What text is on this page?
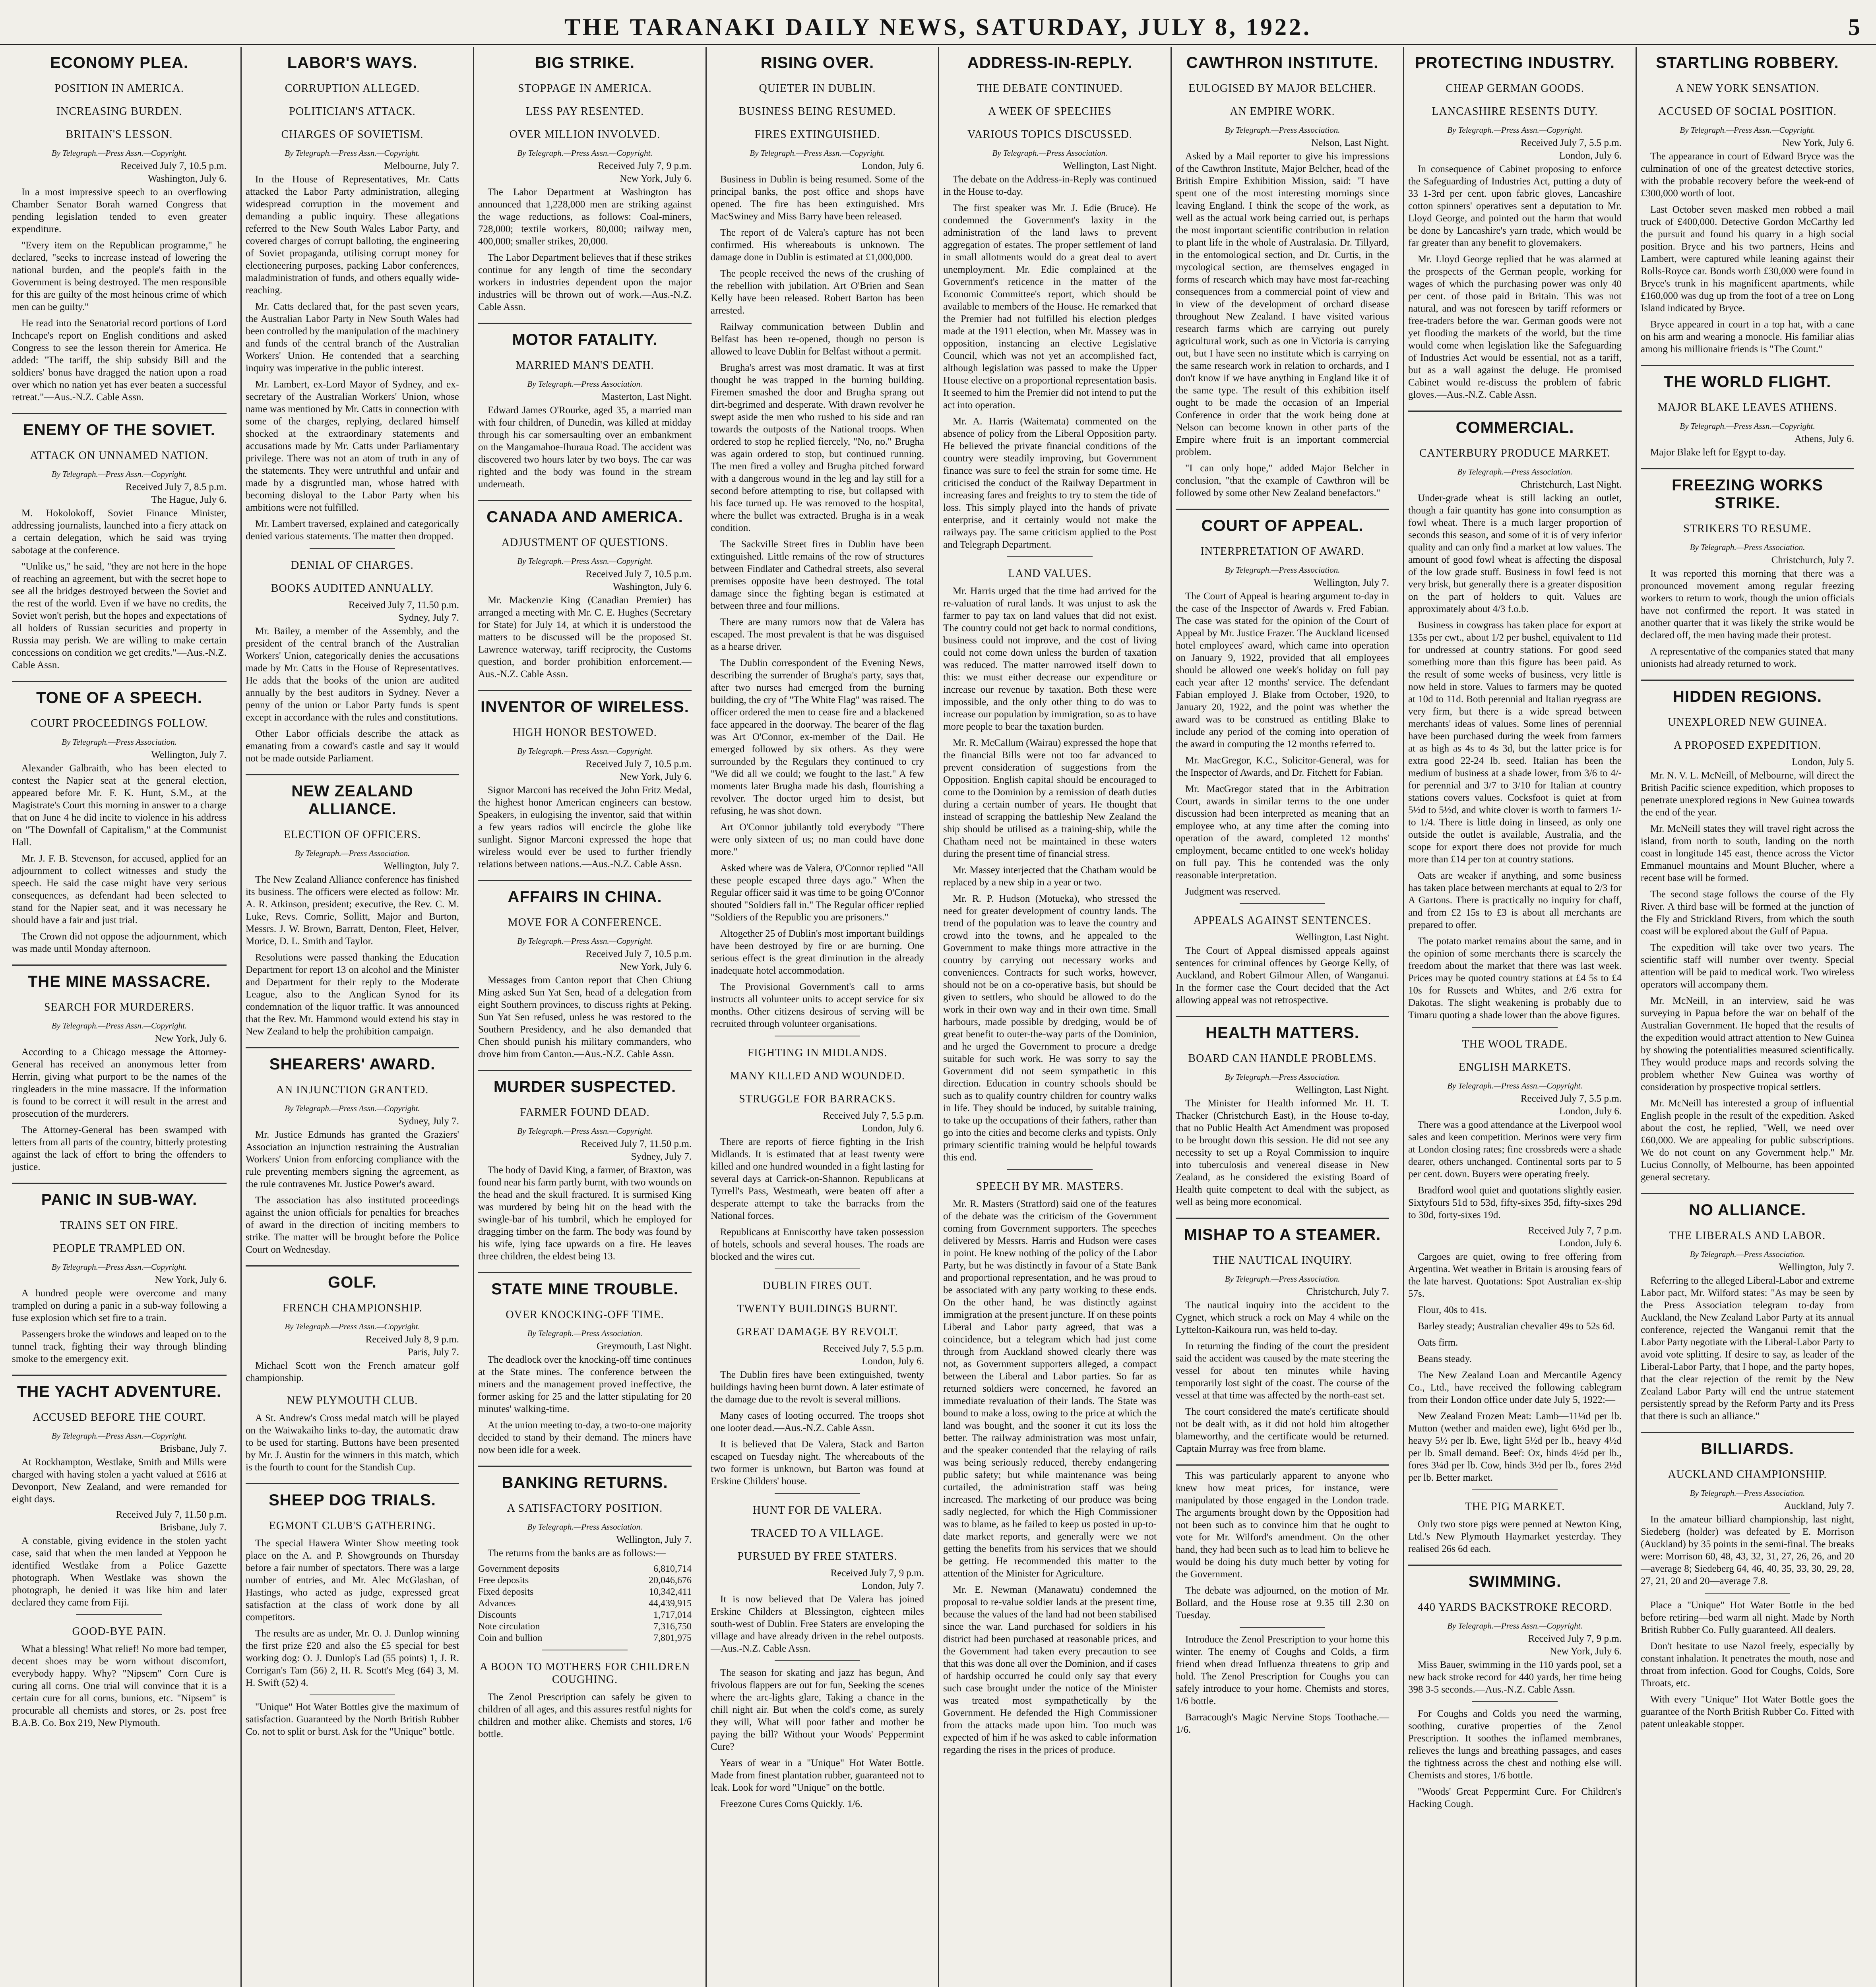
THE TARANAKI DAILY NEWS, SATURDAY, JULY 8, 1922.	5
ECONOMY PLEA.
POSITION IN AMERICA.
INCREASING BURDEN.
BRITAIN'S LESSON.
By Telegraph.—Press Assn.—Copyright.
Received July 7, 10.5 p.m.
Washington, July 6.
In a most impressive speech to an overflowing Chamber Senator Borah warned Congress that pending legislation tended to even greater expenditure.
"Every item on the Republican programme," he declared, "seeks to increase instead of lowering the national burden, and the people's faith in the Government is being destroyed. The men responsible for this are guilty of the most heinous crime of which men can be guilty."
He read into the Senatorial record portions of Lord Inchcape's report on English conditions and asked Congress to see the lesson therein for America. He added: "The tariff, the ship subsidy Bill and the soldiers' bonus have dragged the nation upon a road over which no nation yet has ever beaten a successful retreat."—Aus.-N.Z. Cable Assn.
ENEMY OF THE SOVIET.
ATTACK ON UNNAMED NATION.
By Telegraph.—Press Assn.—Copyright.
Received July 7, 8.5 p.m.
The Hague, July 6.
M. Hokolokoff, Soviet Finance Minister, addressing journalists, launched into a fiery attack on a certain delegation, which he said was trying sabotage at the conference.
"Unlike us," he said, "they are not here in the hope of reaching an agreement, but with the secret hope to see all the bridges destroyed between the Soviet and the rest of the world. Even if we have no credits, the Soviet won't perish, but the hopes and expectations of all holders of Russian securities and property in Russia may perish. We are willing to make certain concessions on condition we get credits."—Aus.-N.Z. Cable Assn.
TONE OF A SPEECH.
COURT PROCEEDINGS FOLLOW.
By Telegraph.—Press Association.
Wellington, July 7.
Alexander Galbraith, who has been elected to contest the Napier seat at the general election, appeared before Mr. F. K. Hunt, S.M., at the Magistrate's Court this morning in answer to a charge that on June 4 he did incite to violence in his address on "The Downfall of Capitalism," at the Communist Hall.
Mr. J. F. B. Stevenson, for accused, applied for an adjournment to collect witnesses and study the speech. He said the case might have very serious consequences, as defendant had been selected to stand for the Napier seat, and it was necessary he should have a fair and just trial.
The Crown did not oppose the adjournment, which was made until Monday afternoon.
THE MINE MASSACRE.
SEARCH FOR MURDERERS.
By Telegraph.—Press Assn.—Copyright.
New York, July 6.
According to a Chicago message the Attorney-General has received an anonymous letter from Herrin, giving what purport to be the names of the ringleaders in the mine massacre. If the information is found to be correct it will result in the arrest and prosecution of the murderers.
The Attorney-General has been swamped with letters from all parts of the country, bitterly protesting against the lack of effort to bring the offenders to justice.
PANIC IN SUB-WAY.
TRAINS SET ON FIRE.
PEOPLE TRAMPLED ON.
By Telegraph.—Press Assn.—Copyright.
New York, July 6.
A hundred people were overcome and many trampled on during a panic in a sub-way following a fuse explosion which set fire to a train.
Passengers broke the windows and leaped on to the tunnel track, fighting their way through blinding smoke to the emergency exit.
THE YACHT ADVENTURE.
ACCUSED BEFORE THE COURT.
By Telegraph.—Press Assn.—Copyright.
Brisbane, July 7.
At Rockhampton, Westlake, Smith and Mills were charged with having stolen a yacht valued at £616 at Devonport, New Zealand, and were remanded for eight days.
Received July 7, 11.50 p.m.
Brisbane, July 7.
A constable, giving evidence in the stolen yacht case, said that when the men landed at Yeppoon he identified Westlake from a Police Gazette photograph. When Westlake was shown the photograph, he denied it was like him and later declared they came from Fiji.
GOOD-BYE PAIN.
What a blessing! What relief! No more bad temper, decent shoes may be worn without discomfort, everybody happy. Why? "Nipsem" Corn Cure is curing all corns. One trial will convince that it is a certain cure for all corns, bunions, etc. "Nipsem" is procurable all chemists and stores, or 2s. post free B.A.B. Co. Box 219, New Plymouth.
LABOR'S WAYS.
CORRUPTION ALLEGED.
POLITICIAN'S ATTACK.
CHARGES OF SOVIETISM.
By Telegraph.—Press Assn.—Copyright.
Melbourne, July 7.
In the House of Representatives, Mr. Catts attacked the Labor Party administration, alleging widespread corruption in the movement and demanding a public inquiry. These allegations referred to the New South Wales Labor Party, and covered charges of corrupt balloting, the engineering of Soviet propaganda, utilising corrupt money for electioneering purposes, packing Labor conferences, maladministration of funds, and others equally wide-reaching.
Mr. Catts declared that, for the past seven years, the Australian Labor Party in New South Wales had been controlled by the manipulation of the machinery and funds of the central branch of the Australian Workers' Union. He contended that a searching inquiry was imperative in the public interest.
Mr. Lambert, ex-Lord Mayor of Sydney, and ex-secretary of the Australian Workers' Union, whose name was mentioned by Mr. Catts in connection with some of the charges, replying, declared himself shocked at the extraordinary statements and accusations made by Mr. Catts under Parliamentary privilege. There was not an atom of truth in any of the statements. They were untruthful and unfair and made by a disgruntled man, whose hatred with becoming disloyal to the Labor Party when his ambitions were not fulfilled.
Mr. Lambert traversed, explained and categorically denied various statements. The matter then dropped.
DENIAL OF CHARGES.
BOOKS AUDITED ANNUALLY.
Received July 7, 11.50 p.m.
Sydney, July 7.
Mr. Bailey, a member of the Assembly, and the president of the central branch of the Australian Workers' Union, categorically denies the accusations made by Mr. Catts in the House of Representatives. He adds that the books of the union are audited annually by the best auditors in Sydney. Never a penny of the union or Labor Party funds is spent except in accordance with the rules and constitutions.
Other Labor officials describe the attack as emanating from a coward's castle and say it would not be made outside Parliament.
NEW ZEALAND ALLIANCE.
ELECTION OF OFFICERS.
By Telegraph.—Press Association.
Wellington, July 7.
The New Zealand Alliance conference has finished its business. The officers were elected as follow: Mr. A. R. Atkinson, president; executive, the Rev. C. M. Luke, Revs. Comrie, Sollitt, Major and Burton, Messrs. J. W. Brown, Barratt, Denton, Fleet, Helver, Morice, D. L. Smith and Taylor.
Resolutions were passed thanking the Education Department for report 13 on alcohol and the Minister and Department for their reply to the Moderate League, also to the Anglican Synod for its condemnation of the liquor traffic. It was announced that the Rev. Mr. Hammond would extend his stay in New Zealand to help the prohibition campaign.
SHEARERS' AWARD.
AN INJUNCTION GRANTED.
By Telegraph.—Press Assn.—Copyright.
Sydney, July 7.
Mr. Justice Edmunds has granted the Graziers' Association an injunction restraining the Australian Workers' Union from enforcing compliance with the rule preventing members signing the agreement, as the rule contravenes Mr. Justice Power's award.
The association has also instituted proceedings against the union officials for penalties for breaches of award in the direction of inciting members to strike. The matter will be brought before the Police Court on Wednesday.
GOLF.
FRENCH CHAMPIONSHIP.
By Telegraph.—Press Assn.—Copyright.
Received July 8, 9 p.m.
Paris, July 7.
Michael Scott won the French amateur golf championship.
NEW PLYMOUTH CLUB.
A St. Andrew's Cross medal match will be played on the Waiwakaiho links to-day, the automatic draw to be used for starting. Buttons have been presented by Mr. J. Austin for the winners in this match, which is the fourth to count for the Standish Cup.
SHEEP DOG TRIALS.
EGMONT CLUB'S GATHERING.
The special Hawera Winter Show meeting took place on the A. and P. Showgrounds on Thursday before a fair number of spectators. There was a large number of entries, and Mr. Alec McGlashan, of Hastings, who acted as judge, expressed great satisfaction at the class of work done by all competitors.
The results are as under, Mr. O. J. Dunlop winning the first prize £20 and also the £5 special for best working dog: O. J. Dunlop's Lad (55 points) 1, J. R. Corrigan's Tam (56) 2, H. R. Scott's Meg (64) 3, M. H. Swift (52) 4.
"Unique" Hot Water Bottles give the maximum of satisfaction. Guaranteed by the North British Rubber Co. not to split or burst. Ask for the "Unique" bottle.
BIG STRIKE.
STOPPAGE IN AMERICA.
LESS PAY RESENTED.
OVER MILLION INVOLVED.
By Telegraph.—Press Assn.—Copyright.
Received July 7, 9 p.m.
New York, July 6.
The Labor Department at Washington has announced that 1,228,000 men are striking against the wage reductions, as follows: Coal-miners, 728,000; textile workers, 80,000; railway men, 400,000; smaller strikes, 20,000.
The Labor Department believes that if these strikes continue for any length of time the secondary workers in industries dependent upon the major industries will be thrown out of work.—Aus.-N.Z. Cable Assn.
MOTOR FATALITY.
MARRIED MAN'S DEATH.
By Telegraph.—Press Association.
Masterton, Last Night.
Edward James O'Rourke, aged 35, a married man with four children, of Dunedin, was killed at midday through his car somersaulting over an embankment on the Mangamahoe-Ihuraua Road. The accident was discovered two hours later by two boys. The car was righted and the body was found in the stream underneath.
CANADA AND AMERICA.
ADJUSTMENT OF QUESTIONS.
By Telegraph.—Press Assn.—Copyright.
Received July 7, 10.5 p.m.
Washington, July 6.
Mr. Mackenzie King (Canadian Premier) has arranged a meeting with Mr. C. E. Hughes (Secretary for State) for July 14, at which it is understood the matters to be discussed will be the proposed St. Lawrence waterway, tariff reciprocity, the Customs question, and border prohibition enforcement.—Aus.-N.Z. Cable Assn.
INVENTOR OF WIRELESS.
HIGH HONOR BESTOWED.
By Telegraph.—Press Assn.—Copyright.
Received July 7, 10.5 p.m.
New York, July 6.
Signor Marconi has received the John Fritz Medal, the highest honor American engineers can bestow. Speakers, in eulogising the inventor, said that within a few years radios will encircle the globe like sunlight. Signor Marconi expressed the hope that wireless would ever be used to further friendly relations between nations.—Aus.-N.Z. Cable Assn.
AFFAIRS IN CHINA.
MOVE FOR A CONFERENCE.
By Telegraph.—Press Assn.—Copyright.
Received July 7, 10.5 p.m.
New York, July 6.
Messages from Canton report that Chen Chiung Ming asked Sun Yat Sen, head of a delegation from eight Southern provinces, to discuss rights at Peking. Sun Yat Sen refused, unless he was restored to the Southern Presidency, and he also demanded that Chen should punish his military commanders, who drove him from Canton.—Aus.-N.Z. Cable Assn.
MURDER SUSPECTED.
FARMER FOUND DEAD.
By Telegraph.—Press Assn.—Copyright.
Received July 7, 11.50 p.m.
Sydney, July 7.
The body of David King, a farmer, of Braxton, was found near his farm partly burnt, with two wounds on the head and the skull fractured. It is surmised King was murdered by being hit on the head with the swingle-bar of his tumbril, which he employed for dragging timber on the farm. The body was found by his wife, lying face upwards on a fire. He leaves three children, the eldest being 13.
STATE MINE TROUBLE.
OVER KNOCKING-OFF TIME.
By Telegraph.—Press Association.
Greymouth, Last Night.
The deadlock over the knocking-off time continues at the State mines. The conference between the miners and the management proved ineffective, the former asking for 25 and the latter stipulating for 20 minutes' walking-time.
At the union meeting to-day, a two-to-one majority decided to stand by their demand. The miners have now been idle for a week.
BANKING RETURNS.
A SATISFACTORY POSITION.
By Telegraph.—Press Association.
Wellington, July 7.
The returns from the banks are as follows:—
Government deposits	6,810,714
Free deposits	20,046,676
Fixed deposits	10,342,411
Advances	44,439,915
Discounts	1,717,014
Note circulation	7,316,750
Coin and bullion	7,801,975
A BOON TO MOTHERS FOR CHILDREN COUGHING.
The Zenol Prescription can safely be given to children of all ages, and this assures restful nights for children and mother alike. Chemists and stores, 1/6 bottle.
RISING OVER.
QUIETER IN DUBLIN.
BUSINESS BEING RESUMED.
FIRES EXTINGUISHED.
By Telegraph.—Press Assn.—Copyright.
London, July 6.
Business in Dublin is being resumed. Some of the principal banks, the post office and shops have opened. The fire has been extinguished. Mrs MacSwiney and Miss Barry have been released.
The report of de Valera's capture has not been confirmed. His whereabouts is unknown. The damage done in Dublin is estimated at £1,000,000.
The people received the news of the crushing of the rebellion with jubilation. Art O'Brien and Sean Kelly have been released. Robert Barton has been arrested.
Railway communication between Dublin and Belfast has been re-opened, though no person is allowed to leave Dublin for Belfast without a permit.
Brugha's arrest was most dramatic. It was at first thought he was trapped in the burning building. Firemen smashed the door and Brugha sprang out dirt-begrimed and desperate. With drawn revolver he swept aside the men who rushed to his side and ran towards the outposts of the National troops. When ordered to stop he replied fiercely, "No, no." Brugha was again ordered to stop, but continued running. The men fired a volley and Brugha pitched forward with a dangerous wound in the leg and lay still for a second before attempting to rise, but collapsed with his face turned up. He was removed to the hospital, where the bullet was extracted. Brugha is in a weak condition.
The Sackville Street fires in Dublin have been extinguished. Little remains of the row of structures between Findlater and Cathedral streets, also several premises opposite have been destroyed. The total damage since the fighting began is estimated at between three and four millions.
There are many rumors now that de Valera has escaped. The most prevalent is that he was disguised as a hearse driver.
The Dublin correspondent of the Evening News, describing the surrender of Brugha's party, says that, after two nurses had emerged from the burning building, the cry of "The White Flag" was raised. The officer ordered the men to cease fire and a blackened face appeared in the doorway. The bearer of the flag was Art O'Connor, ex-member of the Dail. He emerged followed by six others. As they were surrounded by the Regulars they continued to cry "We did all we could; we fought to the last." A few moments later Brugha made his dash, flourishing a revolver. The doctor urged him to desist, but refusing, he was shot down.
Art O'Connor jubilantly told everybody "There were only sixteen of us; no man could have done more."
Asked where was de Valera, O'Connor replied "All these people escaped three days ago." When the Regular officer said it was time to be going O'Connor shouted "Soldiers fall in." The Regular officer replied "Soldiers of the Republic you are prisoners."
Altogether 25 of Dublin's most important buildings have been destroyed by fire or are burning. One serious effect is the great diminution in the already inadequate hotel accommodation.
The Provisional Government's call to arms instructs all volunteer units to accept service for six months. Other citizens desirous of serving will be recruited through volunteer organisations.
FIGHTING IN MIDLANDS.
MANY KILLED AND WOUNDED.
STRUGGLE FOR BARRACKS.
Received July 7, 5.5 p.m.
London, July 6.
There are reports of fierce fighting in the Irish Midlands. It is estimated that at least twenty were killed and one hundred wounded in a fight lasting for several days at Carrick-on-Shannon. Republicans at Tyrrell's Pass, Westmeath, were beaten off after a desperate attempt to take the barracks from the National forces.
Republicans at Enniscorthy have taken possession of hotels, schools and several houses. The roads are blocked and the wires cut.
DUBLIN FIRES OUT.
TWENTY BUILDINGS BURNT.
GREAT DAMAGE BY REVOLT.
Received July 7, 5.5 p.m.
London, July 6.
The Dublin fires have been extinguished, twenty buildings having been burnt down. A later estimate of the damage due to the revolt is several millions.
Many cases of looting occurred. The troops shot one looter dead.—Aus.-N.Z. Cable Assn.
It is believed that De Valera, Stack and Barton escaped on Tuesday night. The whereabouts of the two former is unknown, but Barton was found at Erskine Childers' house.
HUNT FOR DE VALERA.
TRACED TO A VILLAGE.
PURSUED BY FREE STATERS.
Received July 7, 9 p.m.
London, July 7.
It is now believed that De Valera has joined Erskine Childers at Blessington, eighteen miles south-west of Dublin. Free Staters are enveloping the village and have already driven in the rebel outposts.—Aus.-N.Z. Cable Assn.
The season for skating and jazz has begun, And frivolous flappers are out for fun, Seeking the scenes where the arc-lights glare, Taking a chance in the chill night air. But when the cold's come, as surely they will, What will poor father and mother be paying the bill? Without your Woods' Peppermint Cure?
Years of wear in a "Unique" Hot Water Bottle. Made from finest plantation rubber, guaranteed not to leak. Look for word "Unique" on the bottle.
Freezone Cures Corns Quickly. 1/6.
ADDRESS-IN-REPLY.
THE DEBATE CONTINUED.
A WEEK OF SPEECHES
VARIOUS TOPICS DISCUSSED.
By Telegraph.—Press Association.
Wellington, Last Night.
The debate on the Address-in-Reply was continued in the House to-day.
The first speaker was Mr. J. Edie (Bruce). He condemned the Government's laxity in the administration of the land laws to prevent aggregation of estates. The proper settlement of land in small allotments would do a great deal to avert unemployment. Mr. Edie complained at the Government's reticence in the matter of the Economic Committee's report, which should be available to members of the House. He remarked that the Premier had not fulfilled his election pledges made at the 1911 election, when Mr. Massey was in opposition, instancing an elective Legislative Council, which was not yet an accomplished fact, although legislation was passed to make the Upper House elective on a proportional representation basis. It seemed to him the Premier did not intend to put the act into operation.
Mr. A. Harris (Waitemata) commented on the absence of policy from the Liberal Opposition party. He believed the private financial conditions of the country were steadily improving, but Government finance was sure to feel the strain for some time. He criticised the conduct of the Railway Department in increasing fares and freights to try to stem the tide of loss. This simply played into the hands of private enterprise, and it certainly would not make the railways pay. The same criticism applied to the Post and Telegraph Department.
LAND VALUES.
Mr. Harris urged that the time had arrived for the re-valuation of rural lands. It was unjust to ask the farmer to pay tax on land values that did not exist. The country could not get back to normal conditions, business could not improve, and the cost of living could not come down unless the burden of taxation was reduced. The matter narrowed itself down to this: we must either decrease our expenditure or increase our revenue by taxation. Both these were impossible, and the only other thing to do was to increase our population by immigration, so as to have more people to bear the taxation burden.
Mr. R. McCallum (Wairau) expressed the hope that the financial Bills were not too far advanced to prevent consideration of suggestions from the Opposition. English capital should be encouraged to come to the Dominion by a remission of death duties during a certain number of years. He thought that instead of scrapping the battleship New Zealand the ship should be utilised as a training-ship, while the Chatham need not be maintained in these waters during the present time of financial stress.
Mr. Massey interjected that the Chatham would be replaced by a new ship in a year or two.
Mr. R. P. Hudson (Motueka), who stressed the need for greater development of country lands. The trend of the population was to leave the country and crowd into the towns, and he appealed to the Government to make things more attractive in the country by carrying out necessary works and conveniences. Contracts for such works, however, should not be on a co-operative basis, but should be given to settlers, who should be allowed to do the work in their own way and in their own time. Small harbours, made possible by dredging, would be of great benefit to outer-the-way parts of the Dominion, and he urged the Government to procure a dredge suitable for such work. He was sorry to say the Government did not seem sympathetic in this direction. Education in country schools should be such as to qualify country children for country walks in life. They should be induced, by suitable training, to take up the occupations of their fathers, rather than go into the cities and become clerks and typists. Only primary scientific training would be helpful towards this end.
SPEECH BY MR. MASTERS.
Mr. R. Masters (Stratford) said one of the features of the debate was the criticism of the Government coming from Government supporters. The speeches delivered by Messrs. Harris and Hudson were cases in point. He knew nothing of the policy of the Labor Party, but he was distinctly in favour of a State Bank and proportional representation, and he was proud to be associated with any party working to these ends. On the other hand, he was distinctly against immigration at the present juncture. If on these points Liberal and Labor party agreed, that was a coincidence, but a telegram which had just come through from Auckland showed clearly there was not, as Government supporters alleged, a compact between the Liberal and Labor parties. So far as returned soldiers were concerned, he favored an immediate revaluation of their lands. The State was bound to make a loss, owing to the price at which the land was bought, and the sooner it cut its loss the better. The railway administration was most unfair, and the speaker contended that the relaying of rails was being seriously reduced, thereby endangering public safety; but while maintenance was being curtailed, the administration staff was being increased. The marketing of our produce was being sadly neglected, for which the High Commissioner was to blame, as he failed to keep us posted in up-to-date market reports, and generally were we not getting the benefits from his services that we should be getting. He recommended this matter to the attention of the Minister for Agriculture.
Mr. E. Newman (Manawatu) condemned the proposal to re-value soldier lands at the present time, because the values of the land had not been stabilised since the war. Land purchased for soldiers in his district had been purchased at reasonable prices, and the Government had taken every precaution to see that this was done all over the Dominion, and if cases of hardship occurred he could only say that every such case brought under the notice of the Minister was treated most sympathetically by the Government. He defended the High Commissioner from the attacks made upon him. Too much was expected of him if he was asked to cable information regarding the rises in the prices of produce.
CAWTHRON INSTITUTE.
EULOGISED BY MAJOR BELCHER.
AN EMPIRE WORK.
By Telegraph.—Press Association.
Nelson, Last Night.
Asked by a Mail reporter to give his impressions of the Cawthron Institute, Major Belcher, head of the British Empire Exhibition Mission, said: "I have spent one of the most interesting mornings since leaving England. I think the scope of the work, as well as the actual work being carried out, is perhaps the most important scientific contribution in relation to plant life in the whole of Australasia. Dr. Tillyard, in the entomological section, and Dr. Curtis, in the mycological section, are themselves engaged in forms of research which may have most far-reaching consequences from a commercial point of view and in view of the development of orchard disease throughout New Zealand. I have visited various research farms which are carrying out purely agricultural work, such as one in Victoria is carrying out, but I have seen no institute which is carrying on the same research work in relation to orchards, and I don't know if we have anything in England like it of the same type. The result of this exhibition itself ought to be made the occasion of an Imperial Conference in order that the work being done at Nelson can become known in other parts of the Empire where fruit is an important commercial problem.
"I can only hope," added Major Belcher in conclusion, "that the example of Cawthron will be followed by some other New Zealand benefactors."
COURT OF APPEAL.
INTERPRETATION OF AWARD.
By Telegraph.—Press Association.
Wellington, July 7.
The Court of Appeal is hearing argument to-day in the case of the Inspector of Awards v. Fred Fabian. The case was stated for the opinion of the Court of Appeal by Mr. Justice Frazer. The Auckland licensed hotel employees' award, which came into operation on January 9, 1922, provided that all employees should be allowed one week's holiday on full pay each year after 12 months' service. The defendant Fabian employed J. Blake from October, 1920, to January 20, 1922, and the point was whether the award was to be construed as entitling Blake to include any period of the coming into operation of the award in computing the 12 months referred to.
Mr. MacGregor, K.C., Solicitor-General, was for the Inspector of Awards, and Dr. Fitchett for Fabian.
Mr. MacGregor stated that in the Arbitration Court, awards in similar terms to the one under discussion had been interpreted as meaning that an employee who, at any time after the coming into operation of the award, completed 12 months' employment, became entitled to one week's holiday on full pay. This he contended was the only reasonable interpretation.
Judgment was reserved.
APPEALS AGAINST SENTENCES.
Wellington, Last Night.
The Court of Appeal dismissed appeals against sentences for criminal offences by George Kelly, of Auckland, and Robert Gilmour Allen, of Wanganui. In the former case the Court decided that the Act allowing appeal was not retrospective.
HEALTH MATTERS.
BOARD CAN HANDLE PROBLEMS.
By Telegraph.—Press Association.
Wellington, Last Night.
The Minister for Health informed Mr. H. T. Thacker (Christchurch East), in the House to-day, that no Public Health Act Amendment was proposed to be brought down this session. He did not see any necessity to set up a Royal Commission to inquire into tuberculosis and venereal disease in New Zealand, as he considered the existing Board of Health quite competent to deal with the subject, as well as being more economical.
MISHAP TO A STEAMER.
THE NAUTICAL INQUIRY.
By Telegraph.—Press Association.
Christchurch, July 7.
The nautical inquiry into the accident to the Cygnet, which struck a rock on May 4 while on the Lyttelton-Kaikoura run, was held to-day.
In returning the finding of the court the president said the accident was caused by the mate steering the vessel for about ten minutes while having temporarily lost sight of the coast. The course of the vessel at that time was affected by the north-east set.
The court considered the mate's certificate should not be dealt with, as it did not hold him altogether blameworthy, and the certificate would be returned. Captain Murray was free from blame.
This was particularly apparent to anyone who knew how meat prices, for instance, were manipulated by those engaged in the London trade. The arguments brought down by the Opposition had not been such as to convince him that he ought to vote for Mr. Wilford's amendment. On the other hand, they had been such as to lead him to believe he would be doing his duty much better by voting for the Government.
The debate was adjourned, on the motion of Mr. Bollard, and the House rose at 9.35 till 2.30 on Tuesday.
Introduce the Zenol Prescription to your home this winter. The enemy of Coughs and Colds, a firm friend when dread Influenza threatens to grip and hold. The Zenol Prescription for Coughs you can safely introduce to your home. Chemists and stores, 1/6 bottle.
Barracough's Magic Nervine Stops Toothache.—1/6.
PROTECTING INDUSTRY.
CHEAP GERMAN GOODS.
LANCASHIRE RESENTS DUTY.
By Telegraph.—Press Assn.—Copyright.
Received July 7, 5.5 p.m.
London, July 6.
In consequence of Cabinet proposing to enforce the Safeguarding of Industries Act, putting a duty of 33 1-3rd per cent. upon fabric gloves, Lancashire cotton spinners' operatives sent a deputation to Mr. Lloyd George, and pointed out the harm that would be done by Lancashire's yarn trade, which would be far greater than any benefit to glovemakers.
Mr. Lloyd George replied that he was alarmed at the prospects of the German people, working for wages of which the purchasing power was only 40 per cent. of those paid in Britain. This was not natural, and was not foreseen by tariff reformers or free-traders before the war. German goods were not yet flooding the markets of the world, but the time would come when legislation like the Safeguarding of Industries Act would be essential, not as a tariff, but as a wall against the deluge. He promised Cabinet would re-discuss the problem of fabric gloves.—Aus.-N.Z. Cable Assn.
COMMERCIAL.
CANTERBURY PRODUCE MARKET.
By Telegraph.—Press Association.
Christchurch, Last Night.
Under-grade wheat is still lacking an outlet, though a fair quantity has gone into consumption as fowl wheat. There is a much larger proportion of seconds this season, and some of it is of very inferior quality and can only find a market at low values. The amount of good fowl wheat is affecting the disposal of the low grade stuff. Business in fowl feed is not very brisk, but generally there is a greater disposition on the part of holders to quit. Values are approximately about 4/3 f.o.b.
Business in cowgrass has taken place for export at 135s per cwt., about 1/2 per bushel, equivalent to 11d for undressed at country stations. For good seed something more than this figure has been paid. As the result of some weeks of business, very little is now held in store. Values to farmers may be quoted at 10d to 11d. Both perennial and Italian ryegrass are very firm, but there is a wide spread between merchants' ideas of values. Some lines of perennial have been purchased during the week from farmers at as high as 4s to 4s 3d, but the latter price is for extra good 22-24 lb. seed. Italian has been the medium of business at a shade lower, from 3/6 to 4/- for perennial and 3/7 to 3/10 for Italian at country stations covers values. Cocksfoot is quiet at from 5½d to 5½d, and white clover is worth to farmers 1/- to 1/4. There is little doing in linseed, as only one outside the outlet is available, Australia, and the scope for export there does not provide for much more than £14 per ton at country stations.
Oats are weaker if anything, and some business has taken place between merchants at equal to 2/3 for A Gartons. There is practically no inquiry for chaff, and from £2 15s to £3 is about all merchants are prepared to offer.
The potato market remains about the same, and in the opinion of some merchants there is scarcely the freedom about the market that there was last week. Prices may be quoted country stations at £4 5s to £4 10s for Russets and Whites, and 2/6 extra for Dakotas. The slight weakening is probably due to Timaru quoting a shade lower than the above figures.
THE WOOL TRADE.
ENGLISH MARKETS.
By Telegraph.—Press Assn.—Copyright.
Received July 7, 5.5 p.m.
London, July 6.
There was a good attendance at the Liverpool wool sales and keen competition. Merinos were very firm at London closing rates; fine crossbreds were a shade dearer, others unchanged. Continental sorts par to 5 per cent. down. Buyers were operating freely.
Bradford wool quiet and quotations slightly easier. Sixtyfours 51d to 53d, fifty-sixes 35d, fifty-sixes 29d to 30d, forty-sixes 19d.
Received July 7, 7 p.m.
London, July 6.
Cargoes are quiet, owing to free offering from Argentina. Wet weather in Britain is arousing fears of the late harvest. Quotations: Spot Australian ex-ship 57s.
Flour, 40s to 41s.
Barley steady; Australian chevalier 49s to 52s 6d.
Oats firm.
Beans steady.
The New Zealand Loan and Mercantile Agency Co., Ltd., have received the following cablegram from their London office under date July 5, 1922:—
New Zealand Frozen Meat: Lamb—11¼d per lb. Mutton (wether and maiden ewe), light 6½d per lb., heavy 5½ per lb. Ewe, light 5½d per lb., heavy 4½d per lb. Small demand. Beef: Ox, hinds 4½d per lb., fores 3¼d per lb. Cow, hinds 3½d per lb., fores 2½d per lb. Better market.
THE PIG MARKET.
Only two store pigs were penned at Newton King, Ltd.'s New Plymouth Haymarket yesterday. They realised 26s 6d each.
SWIMMING.
440 YARDS BACKSTROKE RECORD.
By Telegraph.—Press Assn.—Copyright.
Received July 7, 9 p.m.
New York, July 6.
Miss Bauer, swimming in the 110 yards pool, set a new back stroke record for 440 yards, her time being 398 3-5 seconds.—Aus.-N.Z. Cable Assn.
For Coughs and Colds you need the warming, soothing, curative properties of the Zenol Prescription. It soothes the inflamed membranes, relieves the lungs and breathing passages, and eases the tightness across the chest and nothing else will. Chemists and stores, 1/6 bottle.
"Woods' Great Peppermint Cure. For Children's Hacking Cough.
STARTLING ROBBERY.
A NEW YORK SENSATION.
ACCUSED OF SOCIAL POSITION.
By Telegraph.—Press Assn.—Copyright.
New York, July 6.
The appearance in court of Edward Bryce was the culmination of one of the greatest detective stories, with the probable recovery before the week-end of £300,000 worth of loot.
Last October seven masked men robbed a mail truck of £400,000. Detective Gordon McCarthy led the pursuit and found his quarry in a high social position. Bryce and his two partners, Heins and Lambert, were captured while leaning against their Rolls-Royce car. Bonds worth £30,000 were found in Bryce's trunk in his magnificent apartments, while £160,000 was dug up from the foot of a tree on Long Island indicated by Bryce.
Bryce appeared in court in a top hat, with a cane on his arm and wearing a monocle. His familiar alias among his millionaire friends is "The Count."
THE WORLD FLIGHT.
MAJOR BLAKE LEAVES ATHENS.
By Telegraph.—Press Assn.—Copyright.
Athens, July 6.
Major Blake left for Egypt to-day.
FREEZING WORKS STRIKE.
STRIKERS TO RESUME.
By Telegraph.—Press Association.
Christchurch, July 7.
It was reported this morning that there was a pronounced movement among regular freezing workers to return to work, though the union officials have not confirmed the report. It was stated in another quarter that it was likely the strike would be declared off, the men having made their protest.
A representative of the companies stated that many unionists had already returned to work.
HIDDEN REGIONS.
UNEXPLORED NEW GUINEA.
A PROPOSED EXPEDITION.
London, July 5.
Mr. N. V. L. McNeill, of Melbourne, will direct the British Pacific science expedition, which proposes to penetrate unexplored regions in New Guinea towards the end of the year.
Mr. McNeill states they will travel right across the island, from north to south, landing on the north coast in longitude 145 east, thence across the Victor Emmanuel mountains and Mount Blucher, where a recent base will be formed.
The second stage follows the course of the Fly River. A third base will be formed at the junction of the Fly and Strickland Rivers, from which the south coast will be explored about the Gulf of Papua.
The expedition will take over two years. The scientific staff will number over twenty. Special attention will be paid to medical work. Two wireless operators will accompany them.
Mr. McNeill, in an interview, said he was surveying in Papua before the war on behalf of the Australian Government. He hoped that the results of the expedition would attract attention to New Guinea by showing the potentialities measured scientifically. They would produce maps and records solving the problem whether New Guinea was worthy of consideration by prospective tropical settlers.
Mr. McNeill has interested a group of influential English people in the result of the expedition. Asked about the cost, he replied, "Well, we need over £60,000. We are appealing for public subscriptions. We do not count on any Government help." Mr. Lucius Connolly, of Melbourne, has been appointed general secretary.
NO ALLIANCE.
THE LIBERALS AND LABOR.
By Telegraph.—Press Association.
Wellington, July 7.
Referring to the alleged Liberal-Labor and extreme Labor pact, Mr. Wilford states: "As may be seen by the Press Association telegram to-day from Auckland, the New Zealand Labor Party at its annual conference, rejected the Wanganui remit that the Labor Party negotiate with the Liberal-Labor Party to avoid vote splitting. If desire to say, as leader of the Liberal-Labor Party, that I hope, and the party hopes, that the clear rejection of the remit by the New Zealand Labor Party will end the untrue statement persistently spread by the Reform Party and its Press that there is such an alliance."
BILLIARDS.
AUCKLAND CHAMPIONSHIP.
By Telegraph.—Press Association.
Auckland, July 7.
In the amateur billiard championship, last night, Siedeberg (holder) was defeated by E. Morrison (Auckland) by 35 points in the semi-final. The breaks were: Morrison 60, 48, 43, 32, 31, 27, 26, 26, and 20—average 8; Siedeberg 64, 46, 40, 35, 33, 30, 29, 28, 27, 21, 20 and 20—average 7.8.
Place a "Unique" Hot Water Bottle in the bed before retiring—bed warm all night. Made by North British Rubber Co. Fully guaranteed. All dealers.
Don't hesitate to use Nazol freely, especially by constant inhalation. It penetrates the mouth, nose and throat from infection. Good for Coughs, Colds, Sore Throats, etc.
With every "Unique" Hot Water Bottle goes the guarantee of the North British Rubber Co. Fitted with patent unleakable stopper.
